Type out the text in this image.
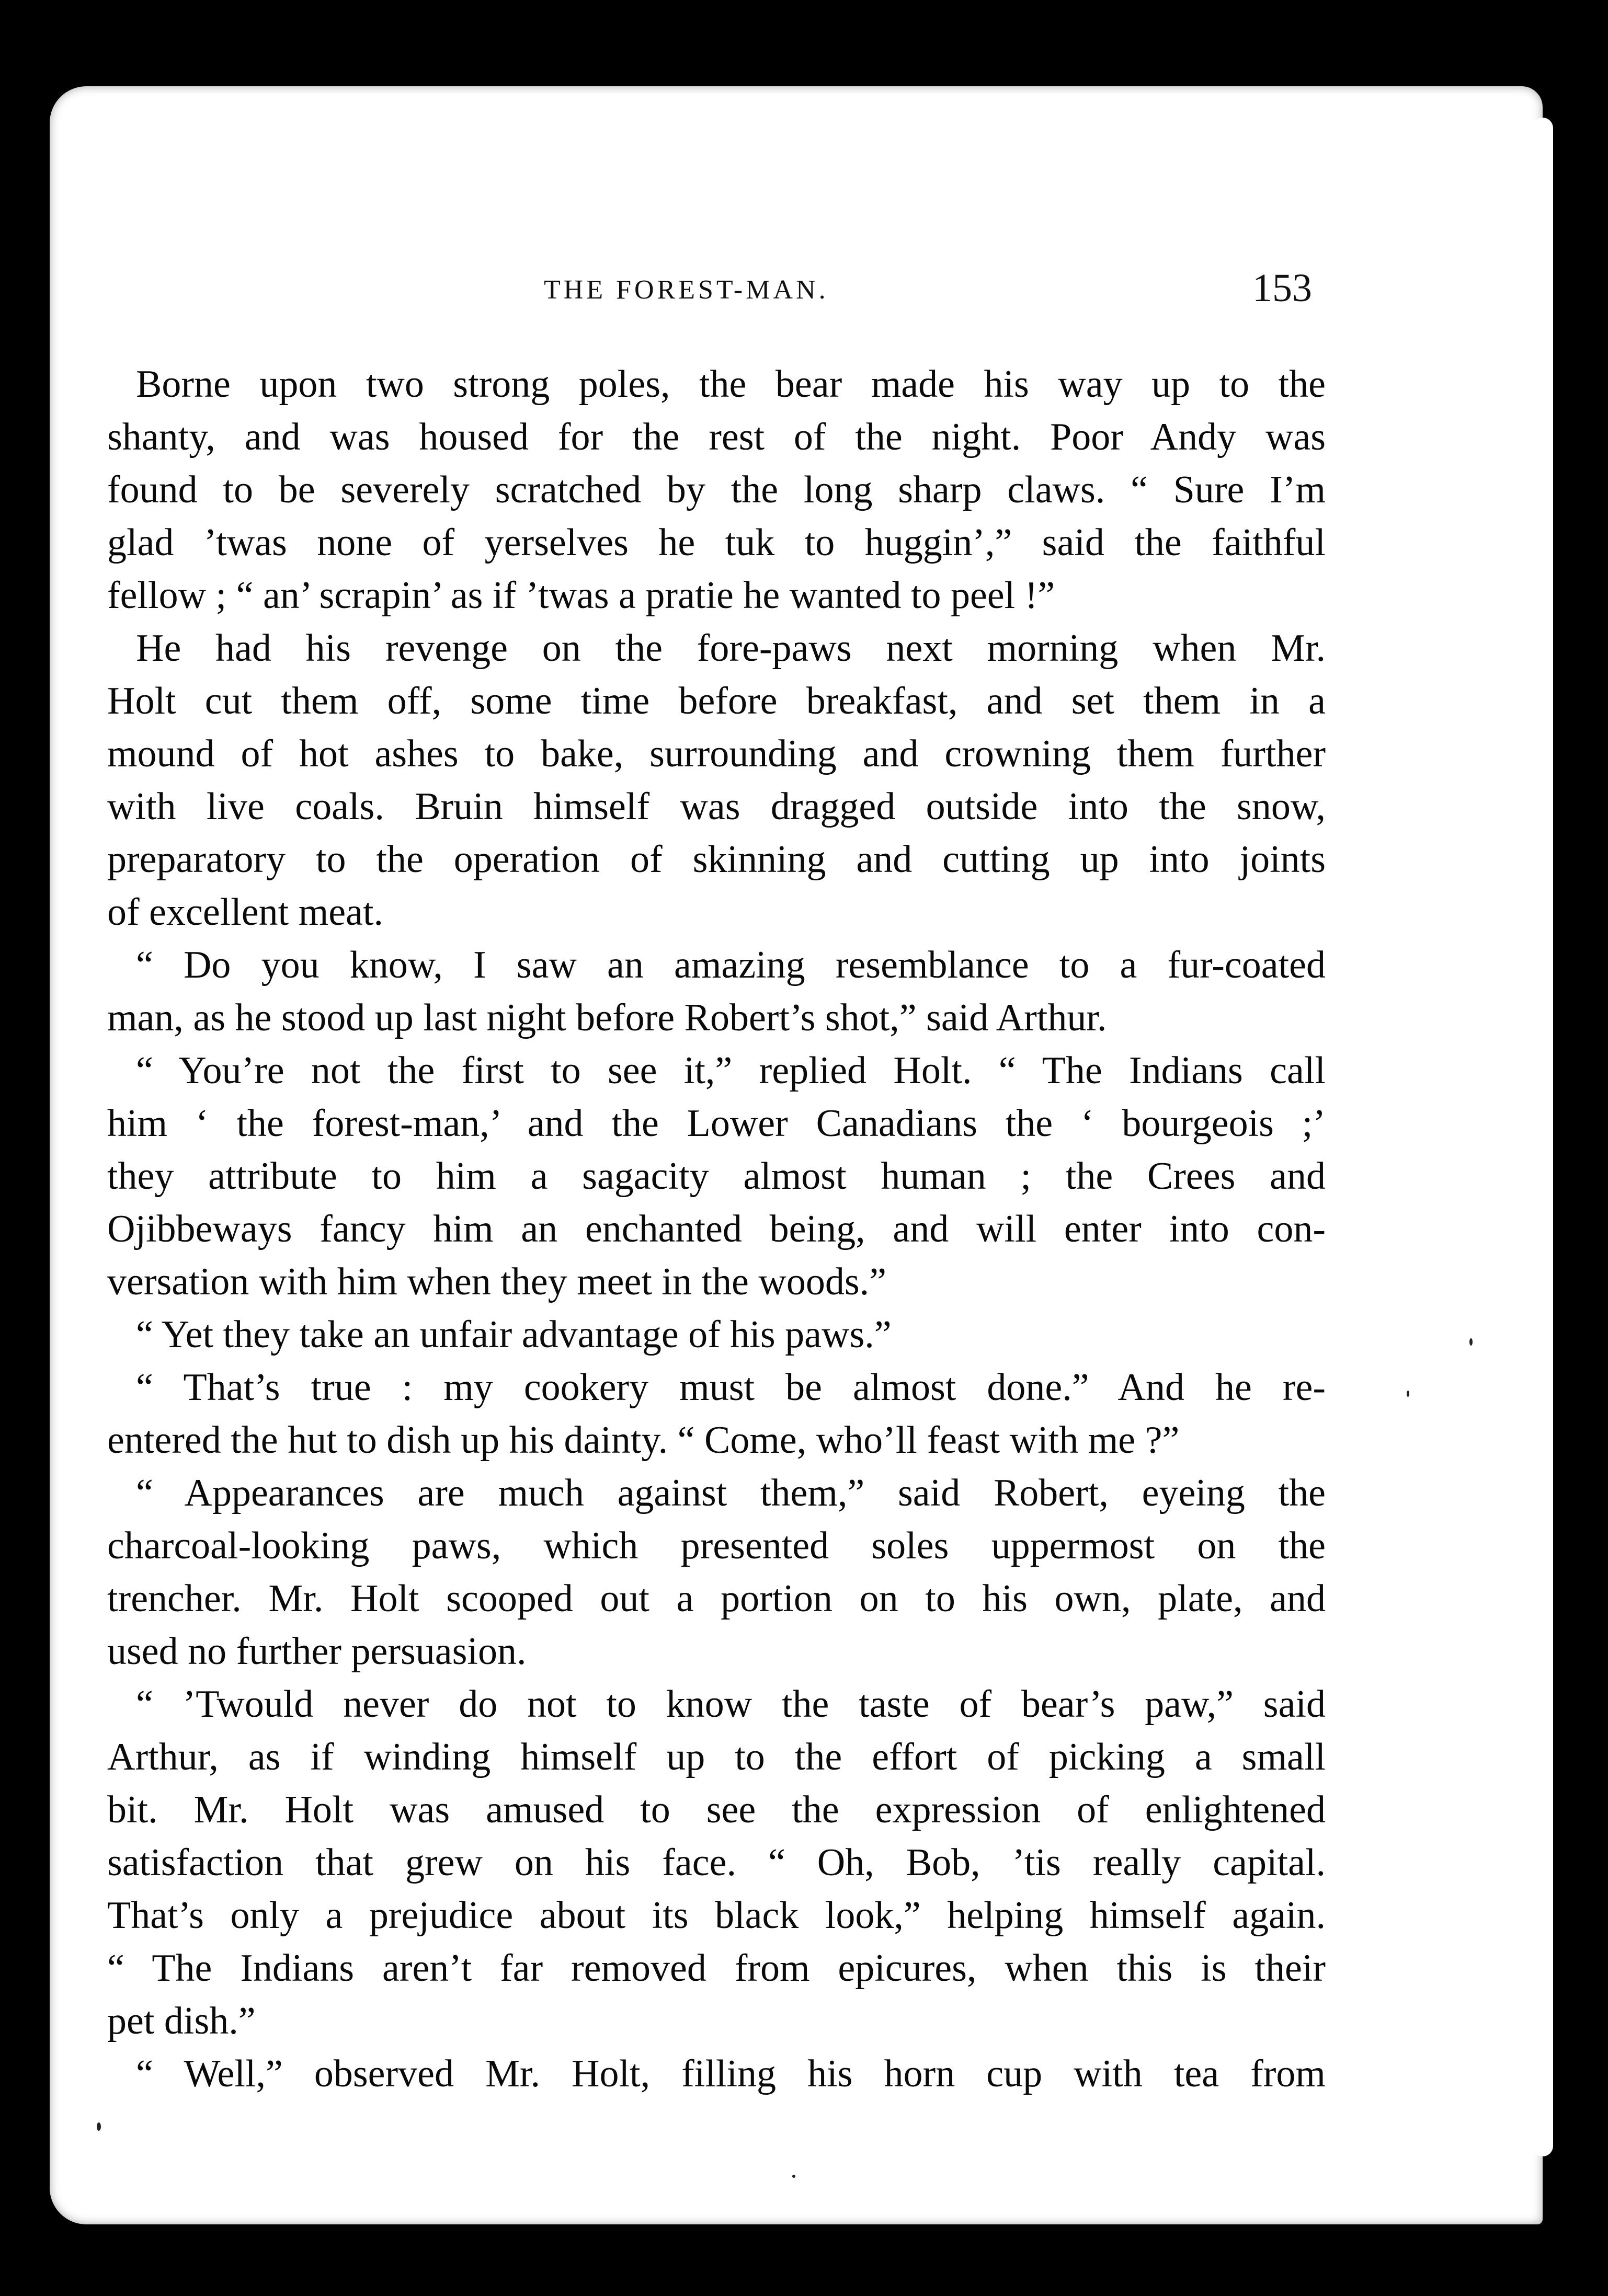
THE FOREST-MAN.	153
Borne upon two strong poles, the bear made his way up to the
shanty, and was housed for the rest of the night. Poor Andy was
found to be severely scratched by the long sharp claws. “ Sure I’m
glad ’twas none of yerselves he tuk to huggin’,” said the faithful
fellow ; “ an’ scrapin’ as if ’twas a pratie he wanted to peel !”
He had his revenge on the fore-paws next morning when Mr.
Holt cut them off, some time before breakfast, and set them in a
mound of hot ashes to bake, surrounding and crowning them further
with live coals. Bruin himself was dragged outside into the snow,
preparatory to the operation of skinning and cutting up into joints
of excellent meat.
“ Do you know, I saw an amazing resemblance to a fur-coated
man, as he stood up last night before Robert’s shot,” said Arthur.
“ You’re not the first to see it,” replied Holt. “ The Indians call
him ‘ the forest-man,’ and the Lower Canadians the ‘ bourgeois ;’
they attribute to him a sagacity almost human ; the Crees and
Ojibbeways fancy him an enchanted being, and will enter into con-
versation with him when they meet in the woods.”
“ Yet they take an unfair advantage of his paws.”
“ That’s true : my cookery must be almost done.” And he re-
entered the hut to dish up his dainty. “ Come, who’ll feast with me ?”
“ Appearances are much against them,” said Robert, eyeing the
charcoal-looking paws, which presented soles uppermost on the
trencher. Mr. Holt scooped out a portion on to his own, plate, and
used no further persuasion.
“ ’Twould never do not to know the taste of bear’s paw,” said
Arthur, as if winding himself up to the effort of picking a small
bit. Mr. Holt was amused to see the expression of enlightened
satisfaction that grew on his face. “ Oh, Bob, ’tis really capital.
That’s only a prejudice about its black look,” helping himself again.
“ The Indians aren’t far removed from epicures, when this is their
pet dish.”
“ Well,” observed Mr. Holt, filling his horn cup with tea from
